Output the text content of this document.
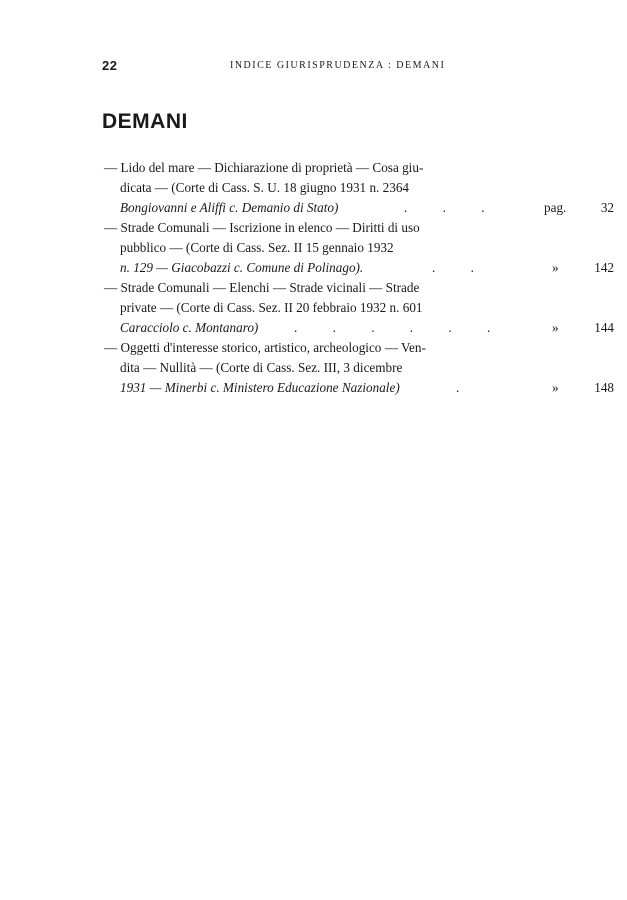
22	INDICE GIURISPRUDENZA : DEMANI
DEMANI
— Lido del mare — Dichiarazione di proprietà — Cosa giu-
dicata — (Corte di Cass. S. U. 18 giugno 1931 n. 2364
Bongiovanni e Aliffi c. Demanio di Stato)	. . .	pag.	32
— Strade Comunali — Iscrizione in elenco — Diritti di uso
pubblico — (Corte di Cass. Sez. II 15 gennaio 1932
n. 129 — Giacobazzi c. Comune di Polinago).	. .	»	142
— Strade Comunali — Elenchi — Strade vicinali — Strade
private — (Corte di Cass. Sez. II 20 febbraio 1932 n. 601
Caracciolo c. Montanaro)	. . . . . .	»	144
— Oggetti d'interesse storico, artistico, archeologico — Ven-
dita — Nullità — (Corte di Cass. Sez. III, 3 dicembre
1931 — Minerbi c. Ministero Educazione Nazionale)	.	»	148
